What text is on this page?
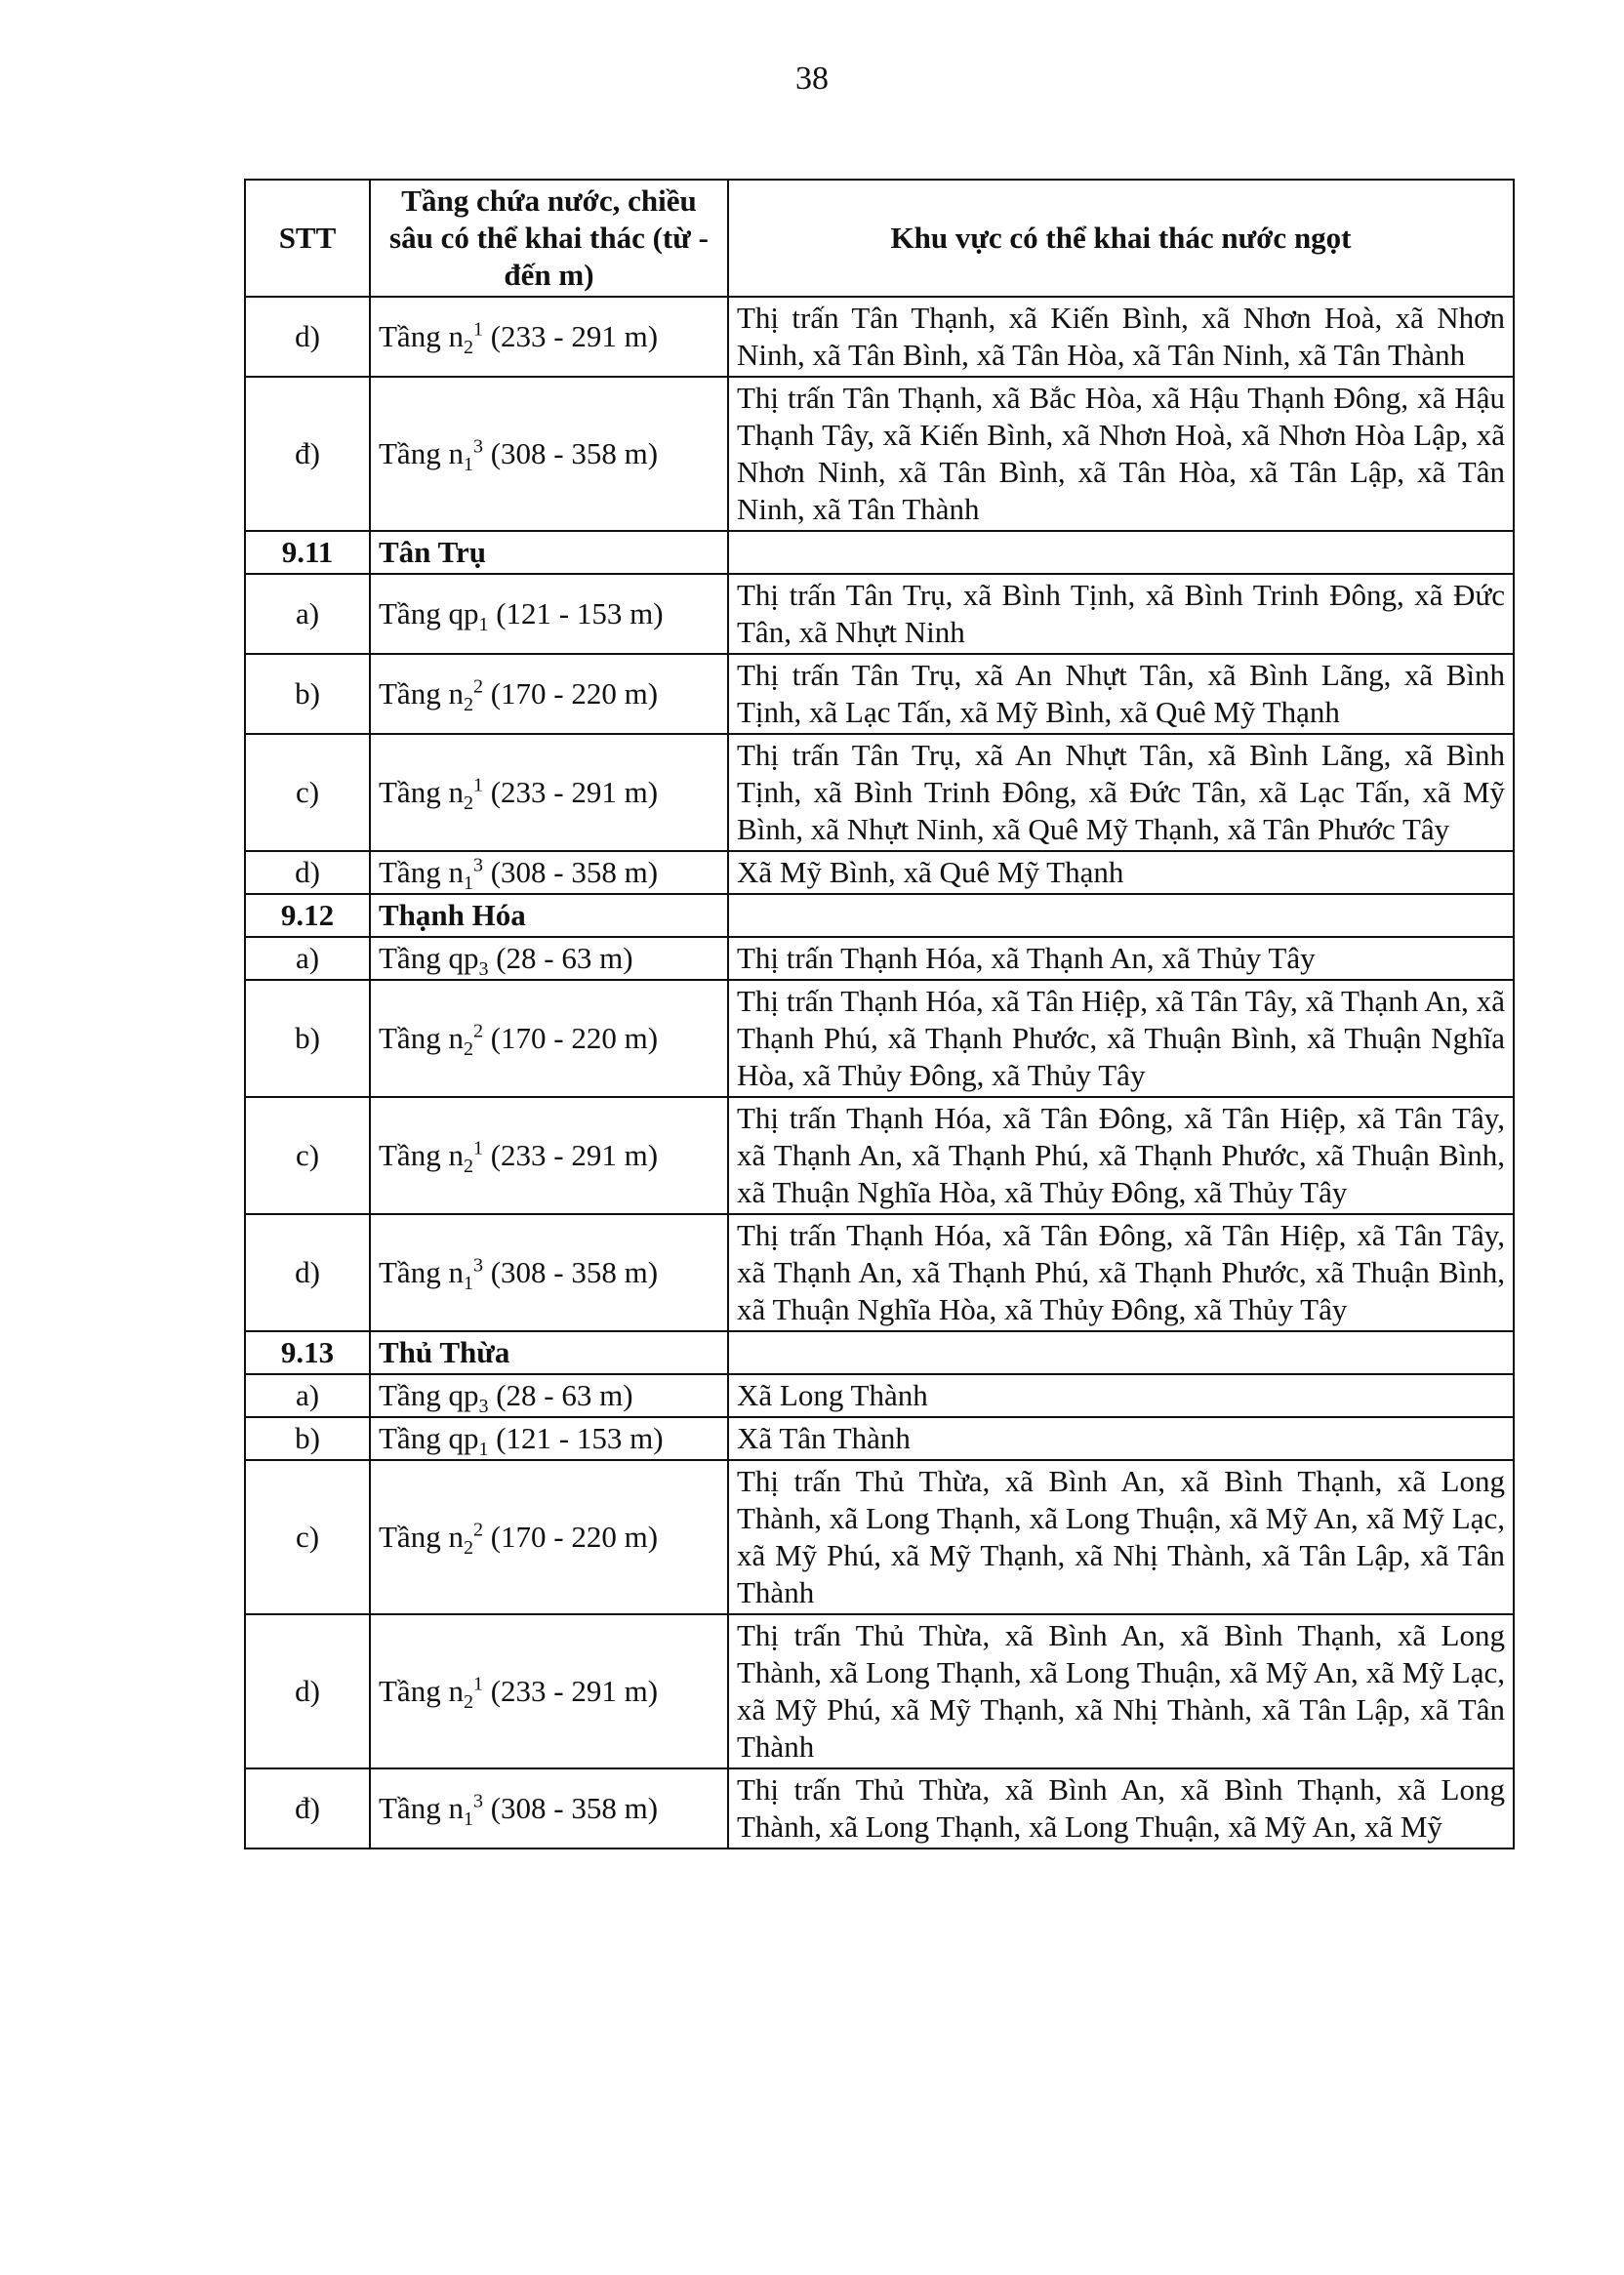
38
STT	Tầng chứa nước, chiều sâu có thể khai thác (từ - đến m)	Khu vực có thể khai thác nước ngọt
d)	Tầng $n_2^1$ (233 - 291 m)	Thị trấn Tân Thạnh, xã Kiến Bình, xã Nhơn Hoà, xã Nhơn Ninh, xã Tân Bình, xã Tân Hòa, xã Tân Ninh, xã Tân Thành
đ)	Tầng $n_1^3$ (308 - 358 m)	Thị trấn Tân Thạnh, xã Bắc Hòa, xã Hậu Thạnh Đông, xã Hậu Thạnh Tây, xã Kiến Bình, xã Nhơn Hoà, xã Nhơn Hòa Lập, xã Nhơn Ninh, xã Tân Bình, xã Tân Hòa, xã Tân Lập, xã Tân Ninh, xã Tân Thành
9.11	Tân Trụ	
a)	Tầng $qp_1$ (121 - 153 m)	Thị trấn Tân Trụ, xã Bình Tịnh, xã Bình Trinh Đông, xã Đức Tân, xã Nhựt Ninh
b)	Tầng $n_2^2$ (170 - 220 m)	Thị trấn Tân Trụ, xã An Nhựt Tân, xã Bình Lãng, xã Bình Tịnh, xã Lạc Tấn, xã Mỹ Bình, xã Quê Mỹ Thạnh
c)	Tầng $n_2^1$ (233 - 291 m)	Thị trấn Tân Trụ, xã An Nhựt Tân, xã Bình Lãng, xã Bình Tịnh, xã Bình Trinh Đông, xã Đức Tân, xã Lạc Tấn, xã Mỹ Bình, xã Nhựt Ninh, xã Quê Mỹ Thạnh, xã Tân Phước Tây
d)	Tầng $n_1^3$ (308 - 358 m)	Xã Mỹ Bình, xã Quê Mỹ Thạnh
9.12	Thạnh Hóa	
a)	Tầng $qp_3$ (28 - 63 m)	Thị trấn Thạnh Hóa, xã Thạnh An, xã Thủy Tây
b)	Tầng $n_2^2$ (170 - 220 m)	Thị trấn Thạnh Hóa, xã Tân Hiệp, xã Tân Tây, xã Thạnh An, xã Thạnh Phú, xã Thạnh Phước, xã Thuận Bình, xã Thuận Nghĩa Hòa, xã Thủy Đông, xã Thủy Tây
c)	Tầng $n_2^1$ (233 - 291 m)	Thị trấn Thạnh Hóa, xã Tân Đông, xã Tân Hiệp, xã Tân Tây, xã Thạnh An, xã Thạnh Phú, xã Thạnh Phước, xã Thuận Bình, xã Thuận Nghĩa Hòa, xã Thủy Đông, xã Thủy Tây
d)	Tầng $n_1^3$ (308 - 358 m)	Thị trấn Thạnh Hóa, xã Tân Đông, xã Tân Hiệp, xã Tân Tây, xã Thạnh An, xã Thạnh Phú, xã Thạnh Phước, xã Thuận Bình, xã Thuận Nghĩa Hòa, xã Thủy Đông, xã Thủy Tây
9.13	Thủ Thừa	
a)	Tầng $qp_3$ (28 - 63 m)	Xã Long Thành
b)	Tầng $qp_1$ (121 - 153 m)	Xã Tân Thành
c)	Tầng $n_2^2$ (170 - 220 m)	Thị trấn Thủ Thừa, xã Bình An, xã Bình Thạnh, xã Long Thành, xã Long Thạnh, xã Long Thuận, xã Mỹ An, xã Mỹ Lạc, xã Mỹ Phú, xã Mỹ Thạnh, xã Nhị Thành, xã Tân Lập, xã Tân Thành
d)	Tầng $n_2^1$ (233 - 291 m)	Thị trấn Thủ Thừa, xã Bình An, xã Bình Thạnh, xã Long Thành, xã Long Thạnh, xã Long Thuận, xã Mỹ An, xã Mỹ Lạc, xã Mỹ Phú, xã Mỹ Thạnh, xã Nhị Thành, xã Tân Lập, xã Tân Thành
đ)	Tầng $n_1^3$ (308 - 358 m)	Thị trấn Thủ Thừa, xã Bình An, xã Bình Thạnh, xã Long Thành, xã Long Thạnh, xã Long Thuận, xã Mỹ An, xã Mỹ
